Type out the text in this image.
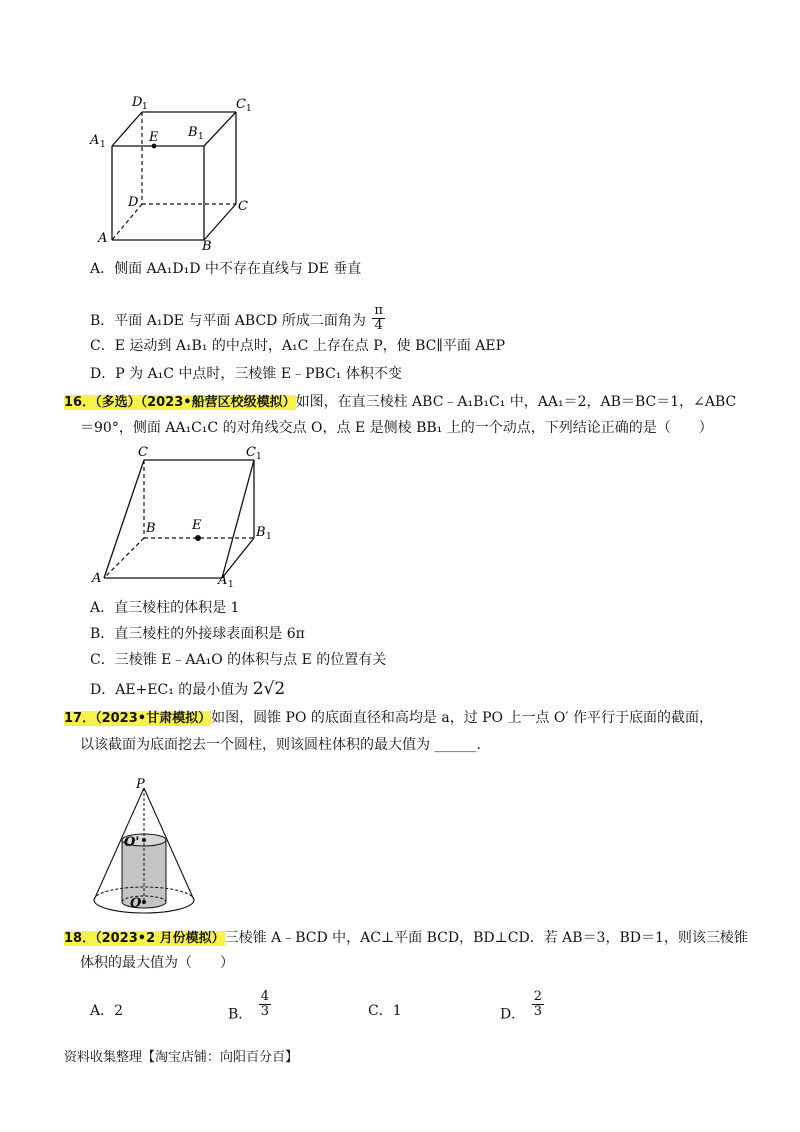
D 1	C 1
A 1
B 1
E
D	C
A
B
A．侧面 AA₁D₁D 中不存在直线与 DE 垂直
B．平面 A₁DE 与平面 ABCD 所成二面角为 $\frac{\pi}{4}$
C．E 运动到 A₁B₁ 的中点时，A₁C 上存在点 P，使 BC∥平面 AEP
D．P 为 A₁C 中点时，三棱锥 E﹣PBC₁ 体积不变
16．（多选）（2023•船营区校级模拟）如图，在直三棱柱 ABC﹣A₁B₁C₁ 中，AA₁＝2，AB＝BC＝1，∠ABC
＝90°，侧面 AA₁C₁C 的对角线交点 O，点 E 是侧棱 BB₁ 上的一个动点，下列结论正确的是（　　）
C	C 1
B	E	B 1
A	A 1
A．直三棱柱的体积是 1
B．直三棱柱的外接球表面积是 6π
C．三棱锥 E﹣AA₁O 的体积与点 E 的位置有关
D．AE+EC₁ 的最小值为 2√2
17．（2023•甘肃模拟）如图，圆锥 PO 的底面直径和高均是 a，过 PO 上一点 O′ 作平行于底面的截面，
以该截面为底面挖去一个圆柱，则该圆柱体积的最大值为 ______.
P
O'
O
18．（2023•2 月份模拟）三棱锥 A﹣BCD 中，AC⊥平面 BCD，BD⊥CD．若 AB＝3，BD＝1，则该三棱锥
体积的最大值为（　　）
A．2	B． $\frac{4}{3}$	C．1	D． $\frac{2}{3}$
资料收集整理【淘宝店铺：向阳百分百】
